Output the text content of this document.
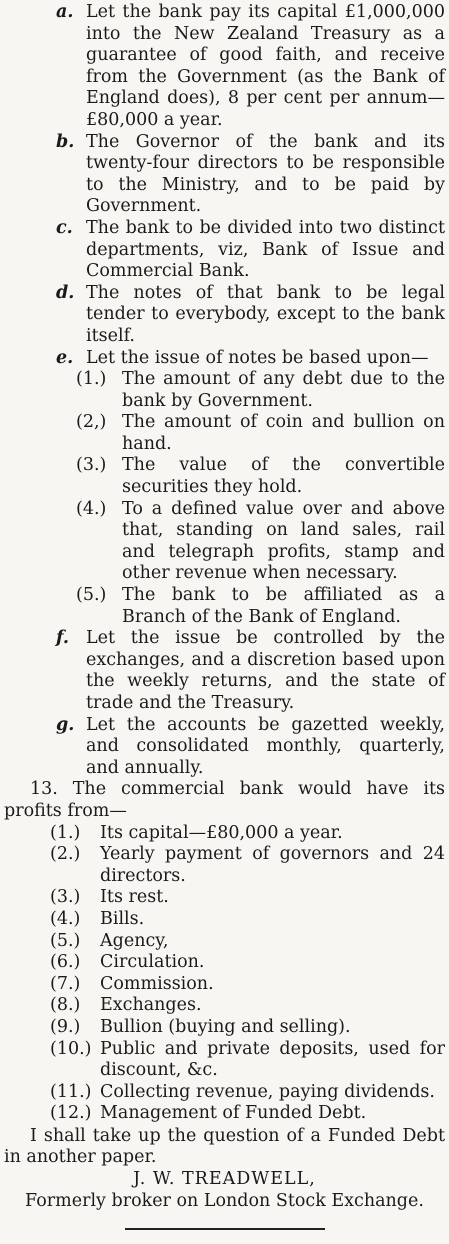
a. Let the bank pay its capital £1,000,000 into the New Zealand Treasury as a guarantee of good faith, and receive from the Government (as the Bank of England does), 8 per cent per annum—£80,000 a year.
b. The Governor of the bank and its twenty-four directors to be responsible to the Ministry, and to be paid by Government.
c. The bank to be divided into two distinct departments, viz, Bank of Issue and Commercial Bank.
d. The notes of that bank to be legal tender to everybody, except to the bank itself.
e. Let the issue of notes be based upon—
(1.) The amount of any debt due to the bank by Government.
(2,) The amount of coin and bullion on hand.
(3.) The value of the convertible securities they hold.
(4.) To a defined value over and above that, standing on land sales, rail and telegraph profits, stamp and other revenue when necessary.
(5.) The bank to be affiliated as a Branch of the Bank of England.
f. Let the issue be controlled by the exchanges, and a discretion based upon the weekly returns, and the state of trade and the Treasury.
g. Let the accounts be gazetted weekly, and consolidated monthly, quarterly, and annually.
13. The commercial bank would have its profits from—
(1.) Its capital—£80,000 a year.
(2.) Yearly payment of governors and 24 directors.
(3.) Its rest.
(4.) Bills.
(5.) Agency,
(6.) Circulation.
(7.) Commission.
(8.) Exchanges.
(9.) Bullion (buying and selling).
(10.) Public and private deposits, used for discount, &c.
(11.) Collecting revenue, paying dividends.
(12.) Management of Funded Debt.
I shall take up the question of a Funded Debt in another paper.
J. W. TREADWELL,
Formerly broker on London Stock Exchange.
